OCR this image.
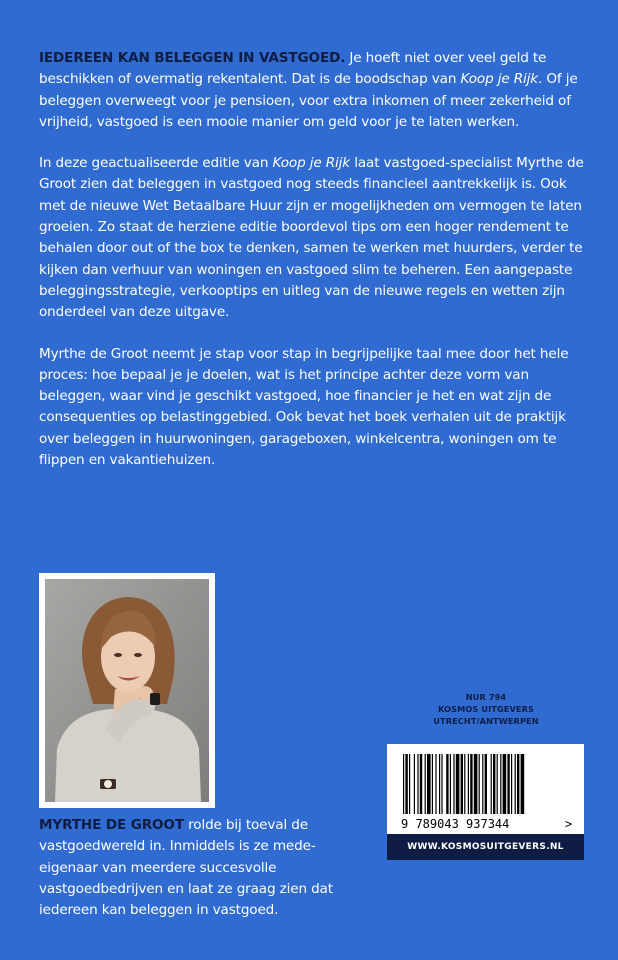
IEDEREEN KAN BELEGGEN IN VASTGOED. Je hoeft niet over veel geld te beschikken of overmatig rekentalent. Dat is de boodschap van Koop je Rijk. Of je beleggen overweegt voor je pensioen, voor extra inkomen of meer zekerheid of vrijheid, vastgoed is een mooie manier om geld voor je te laten werken.

In deze geactualiseerde editie van Koop je Rijk laat vastgoed-specialist Myrthe de Groot zien dat beleggen in vastgoed nog steeds financieel aantrekkelijk is. Ook met de nieuwe Wet Betaalbare Huur zijn er mogelijkheden om vermogen te laten groeien. Zo staat de herziene editie boordevol tips om een hoger rendement te behalen door out of the box te denken, samen te werken met huurders, verder te kijken dan verhuur van woningen en vastgoed slim te beheren. Een aangepaste beleggingsstrategie, verkooptips en uitleg van de nieuwe regels en wetten zijn onderdeel van deze uitgave.

Myrthe de Groot neemt je stap voor stap in begrijpelijke taal mee door het hele proces: hoe bepaal je je doelen, wat is het principe achter deze vorm van beleggen, waar vind je geschikt vastgoed, hoe financier je het en wat zijn de consequenties op belastinggebied. Ook bevat het boek verhalen uit de praktijk over beleggen in huurwoningen, garageboxen, winkelcentra, woningen om te flippen en vakantiehuizen.

MYRTHE DE GROOT rolde bij toeval de vastgoedwereld in. Inmiddels is ze mede-eigenaar van meerdere succesvolle vastgoedbedrijven en laat ze graag zien dat iedereen kan beleggen in vastgoed.
NUR 794
KOSMOS UITGEVERS
UTRECHT/ANTWERPEN
9 789043 937344	>
WWW.KOSMOSUITGEVERS.NL
